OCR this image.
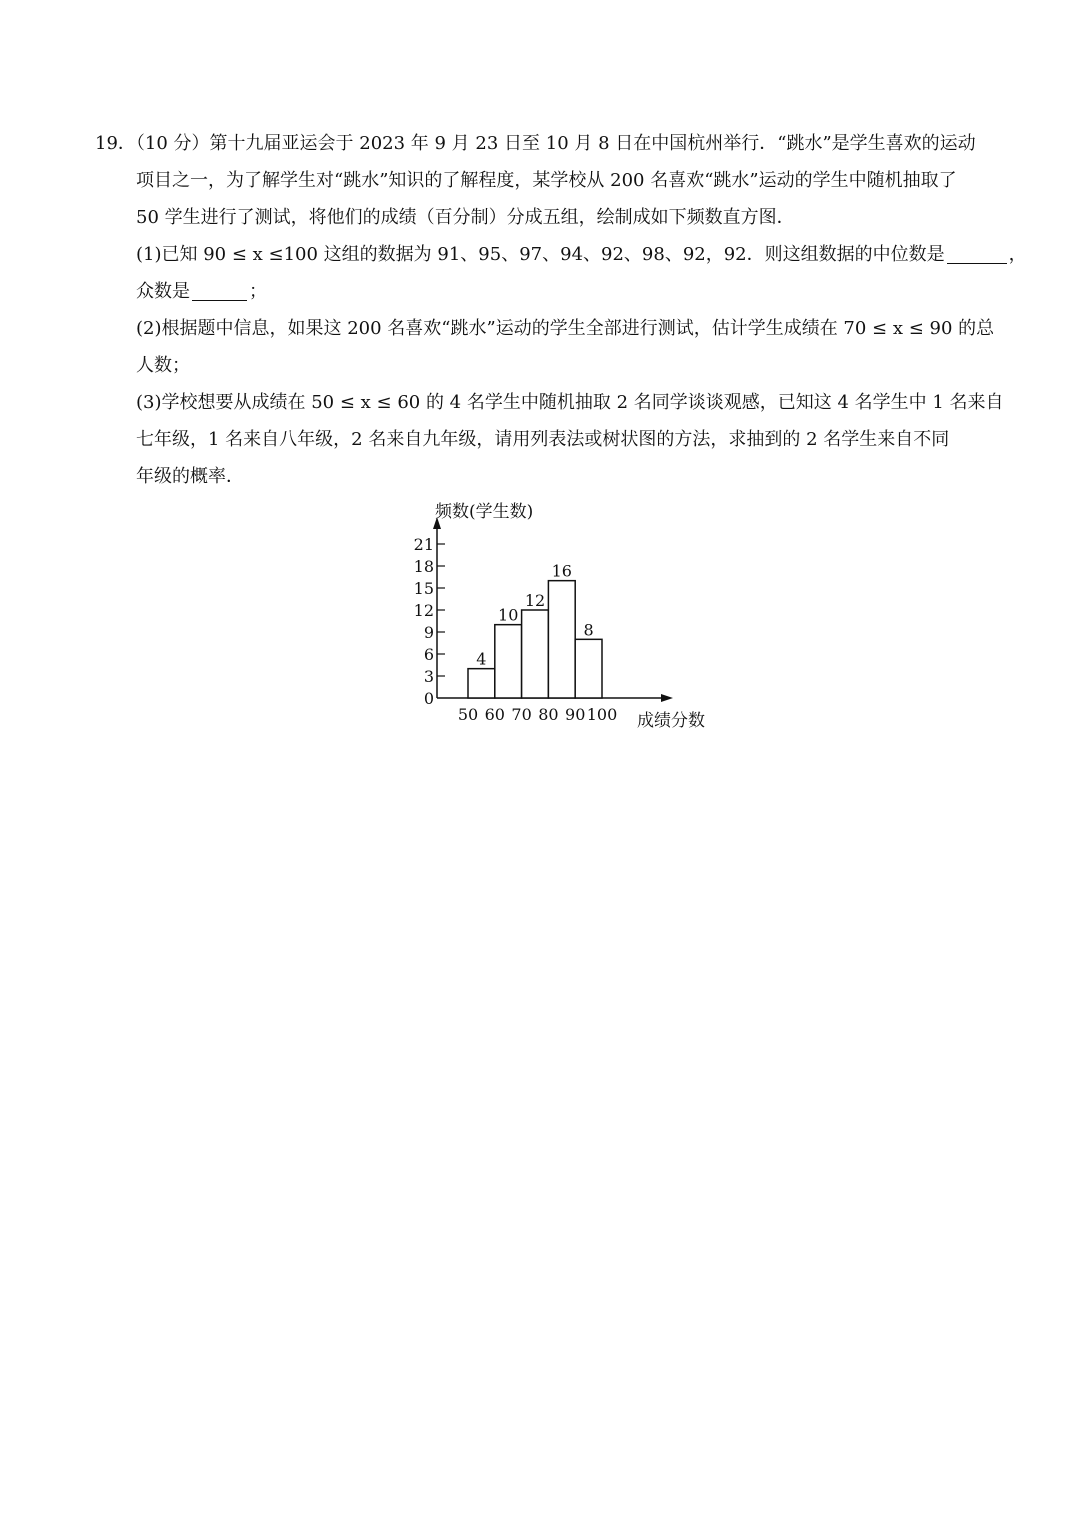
19．（10 分）第十九届亚运会于 2023 年 9 月 23 日至 10 月 8 日在中国杭州举行．“跳水”是学生喜欢的运动
项目之一，为了解学生对“跳水”知识的了解程度，某学校从 200 名喜欢“跳水”运动的学生中随机抽取了
50 学生进行了测试，将他们的成绩（百分制）分成五组，绘制成如下频数直方图．
(1)已知 90 ≤ x ≤100 这组的数据为 91、95、97、94、92、98、92，92．则这组数据的中位数是	，
众数是	；
(2)根据题中信息，如果这 200 名喜欢“跳水”运动的学生全部进行测试，估计学生成绩在 70 ≤ x ≤ 90 的总
人数；
(3)学校想要从成绩在 50 ≤ x ≤ 60 的 4 名学生中随机抽取 2 名同学谈谈观感，已知这 4 名学生中 1 名来自
七年级，1 名来自八年级，2 名来自九年级，请用列表法或树状图的方法，求抽到的 2 名学生来自不同
年级的概率．
频数(学生数)
成绩分数
0
3
6
9
12
15
18
21
50 60 70 80 90 100
4
10
12
16
8
